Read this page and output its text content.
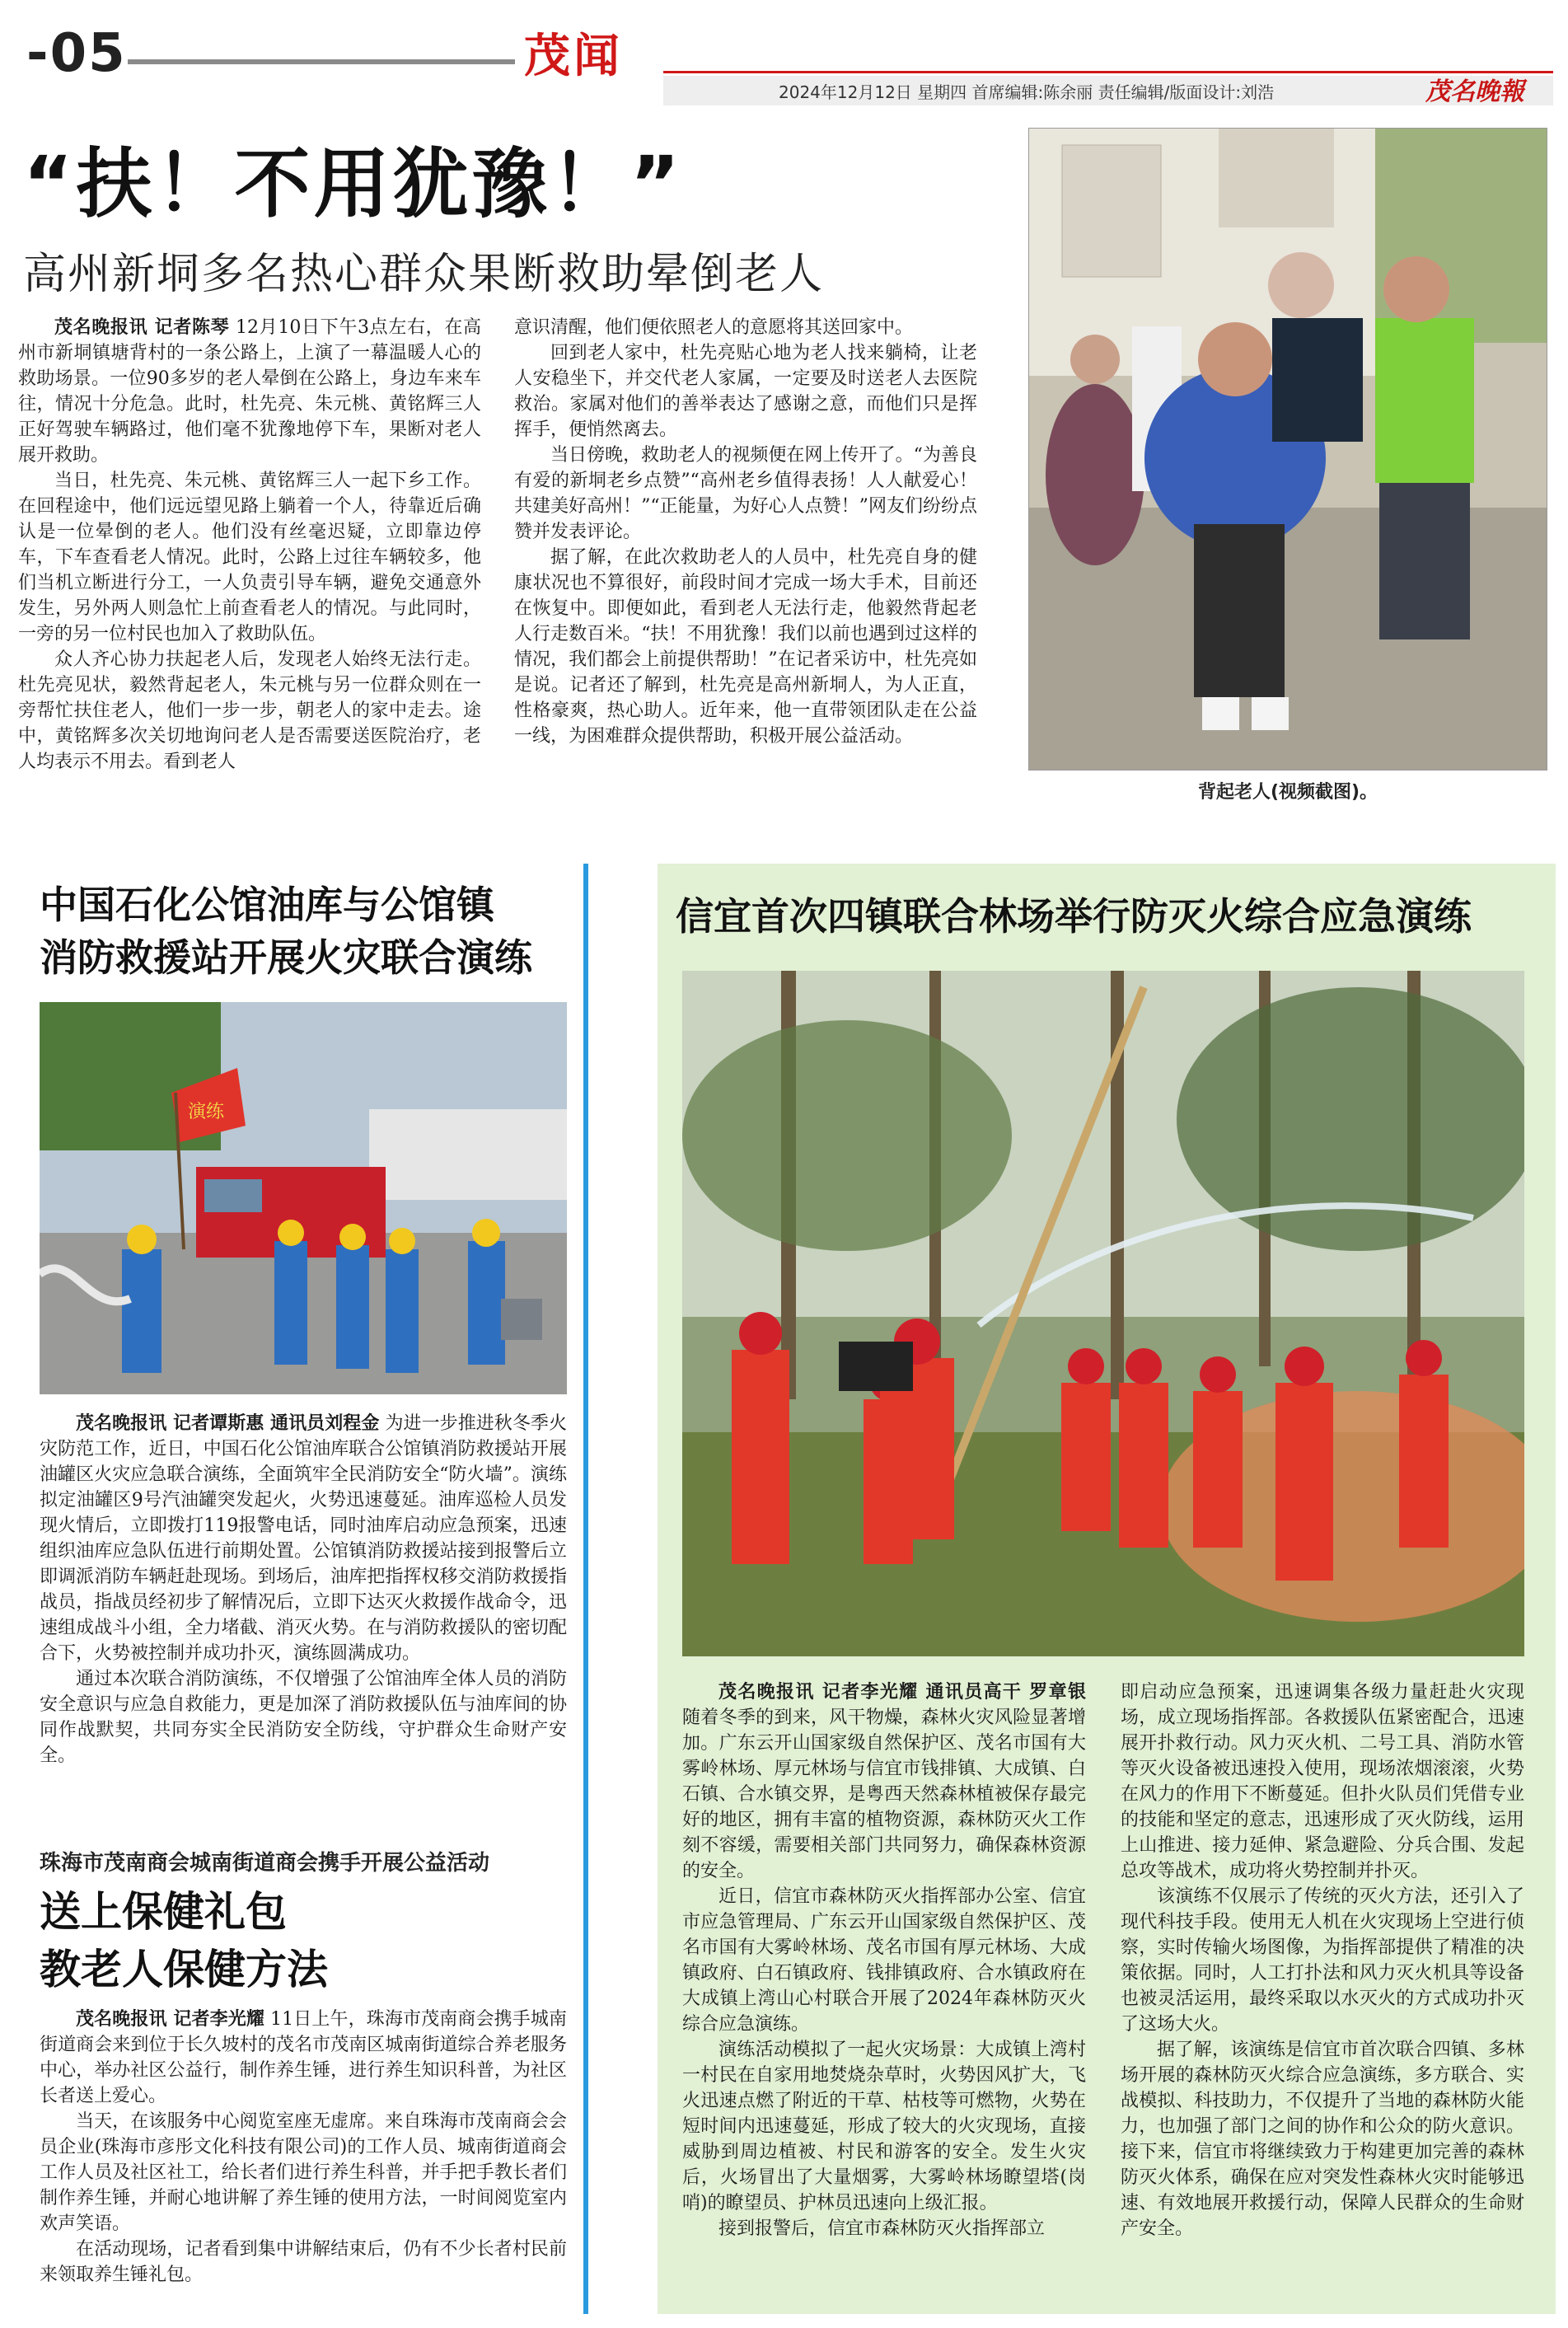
-05	茂闻
2024年12月12日 星期四 首席编辑:陈余丽 责任编辑/版面设计:刘浩	茂名晚報
“扶！不用犹豫！”
高州新垌多名热心群众果断救助晕倒老人

茂名晚报讯 记者陈琴 12月10日下午3点左右，在高州市新垌镇塘背村的一条公路上，上演了一幕温暖人心的救助场景。一位90多岁的老人晕倒在公路上，身边车来车往，情况十分危急。此时，杜先亮、朱元桃、黄铭辉三人正好驾驶车辆路过，他们毫不犹豫地停下车，果断对老人展开救助。

当日，杜先亮、朱元桃、黄铭辉三人一起下乡工作。在回程途中，他们远远望见路上躺着一个人，待靠近后确认是一位晕倒的老人。他们没有丝毫迟疑，立即靠边停车，下车查看老人情况。此时，公路上过往车辆较多，他们当机立断进行分工，一人负责引导车辆，避免交通意外发生，另外两人则急忙上前查看老人的情况。与此同时，一旁的另一位村民也加入了救助队伍。

众人齐心协力扶起老人后，发现老人始终无法行走。杜先亮见状，毅然背起老人，朱元桃与另一位群众则在一旁帮忙扶住老人，他们一步一步，朝老人的家中走去。途中，黄铭辉多次关切地询问老人是否需要送医院治疗，老人均表示不用去。看到老人

意识清醒，他们便依照老人的意愿将其送回家中。

回到老人家中，杜先亮贴心地为老人找来躺椅，让老人安稳坐下，并交代老人家属，一定要及时送老人去医院救治。家属对他们的善举表达了感谢之意，而他们只是挥挥手，便悄然离去。

当日傍晚，救助老人的视频便在网上传开了。“为善良有爱的新垌老乡点赞”“高州老乡值得表扬！人人献爱心！共建美好高州！”“正能量，为好心人点赞！”网友们纷纷点赞并发表评论。

据了解，在此次救助老人的人员中，杜先亮自身的健康状况也不算很好，前段时间才完成一场大手术，目前还在恢复中。即便如此，看到老人无法行走，他毅然背起老人行走数百米。“扶！不用犹豫！我们以前也遇到过这样的情况，我们都会上前提供帮助！”在记者采访中，杜先亮如是说。记者还了解到，杜先亮是高州新垌人，为人正直，性格豪爽，热心助人。近年来，他一直带领团队走在公益一线，为困难群众提供帮助，积极开展公益活动。

背起老人(视频截图)。
中国石化公馆油库与公馆镇
消防救援站开展火灾联合演练
演练

茂名晚报讯 记者谭斯惠 通讯员刘程金 为进一步推进秋冬季火灾防范工作，近日，中国石化公馆油库联合公馆镇消防救援站开展油罐区火灾应急联合演练，全面筑牢全民消防安全“防火墙”。演练拟定油罐区9号汽油罐突发起火，火势迅速蔓延。油库巡检人员发现火情后，立即拨打119报警电话，同时油库启动应急预案，迅速组织油库应急队伍进行前期处置。公馆镇消防救援站接到报警后立即调派消防车辆赶赴现场。到场后，油库把指挥权移交消防救援指战员，指战员经初步了解情况后，立即下达灭火救援作战命令，迅速组成战斗小组，全力堵截、消灭火势。在与消防救援队的密切配合下，火势被控制并成功扑灭，演练圆满成功。

通过本次联合消防演练，不仅增强了公馆油库全体人员的消防安全意识与应急自救能力，更是加深了消防救援队伍与油库间的协同作战默契，共同夯实全民消防安全防线，守护群众生命财产安全。

珠海市茂南商会城南街道商会携手开展公益活动
送上保健礼包
教老人保健方法

茂名晚报讯 记者李光耀 11日上午，珠海市茂南商会携手城南街道商会来到位于长久坡村的茂名市茂南区城南街道综合养老服务中心，举办社区公益行，制作养生锤，进行养生知识科普，为社区长者送上爱心。

当天，在该服务中心阅览室座无虚席。来自珠海市茂南商会会员企业(珠海市彦彤文化科技有限公司)的工作人员、城南街道商会工作人员及社区社工，给长者们进行养生科普，并手把手教长者们制作养生锤，并耐心地讲解了养生锤的使用方法，一时间阅览室内欢声笑语。

在活动现场，记者看到集中讲解结束后，仍有不少长者村民前来领取养生锤礼包。

信宜首次四镇联合林场举行防灭火综合应急演练

茂名晚报讯 记者李光耀 通讯员高干 罗章银 随着冬季的到来，风干物燥，森林火灾风险显著增加。广东云开山国家级自然保护区、茂名市国有大雾岭林场、厚元林场与信宜市钱排镇、大成镇、白石镇、合水镇交界，是粤西天然森林植被保存最完好的地区，拥有丰富的植物资源，森林防灭火工作刻不容缓，需要相关部门共同努力，确保森林资源的安全。

近日，信宜市森林防灭火指挥部办公室、信宜市应急管理局、广东云开山国家级自然保护区、茂名市国有大雾岭林场、茂名市国有厚元林场、大成镇政府、白石镇政府、钱排镇政府、合水镇政府在大成镇上湾山心村联合开展了2024年森林防灭火综合应急演练。

演练活动模拟了一起火灾场景：大成镇上湾村一村民在自家用地焚烧杂草时，火势因风扩大，飞火迅速点燃了附近的干草、枯枝等可燃物，火势在短时间内迅速蔓延，形成了较大的火灾现场，直接威胁到周边植被、村民和游客的安全。发生火灾后，火场冒出了大量烟雾，大雾岭林场瞭望塔(岗哨)的瞭望员、护林员迅速向上级汇报。

接到报警后，信宜市森林防灭火指挥部立

即启动应急预案，迅速调集各级力量赶赴火灾现场，成立现场指挥部。各救援队伍紧密配合，迅速展开扑救行动。风力灭火机、二号工具、消防水管等灭火设备被迅速投入使用，现场浓烟滚滚，火势在风力的作用下不断蔓延。但扑火队员们凭借专业的技能和坚定的意志，迅速形成了灭火防线，运用上山推进、接力延伸、紧急避险、分兵合围、发起总攻等战术，成功将火势控制并扑灭。

该演练不仅展示了传统的灭火方法，还引入了现代科技手段。使用无人机在火灾现场上空进行侦察，实时传输火场图像，为指挥部提供了精准的决策依据。同时，人工打扑法和风力灭火机具等设备也被灵活运用，最终采取以水灭火的方式成功扑灭了这场大火。

据了解，该演练是信宜市首次联合四镇、多林场开展的森林防灭火综合应急演练，多方联合、实战模拟、科技助力，不仅提升了当地的森林防火能力，也加强了部门之间的协作和公众的防火意识。接下来，信宜市将继续致力于构建更加完善的森林防灭火体系，确保在应对突发性森林火灾时能够迅速、有效地展开救援行动，保障人民群众的生命财产安全。
